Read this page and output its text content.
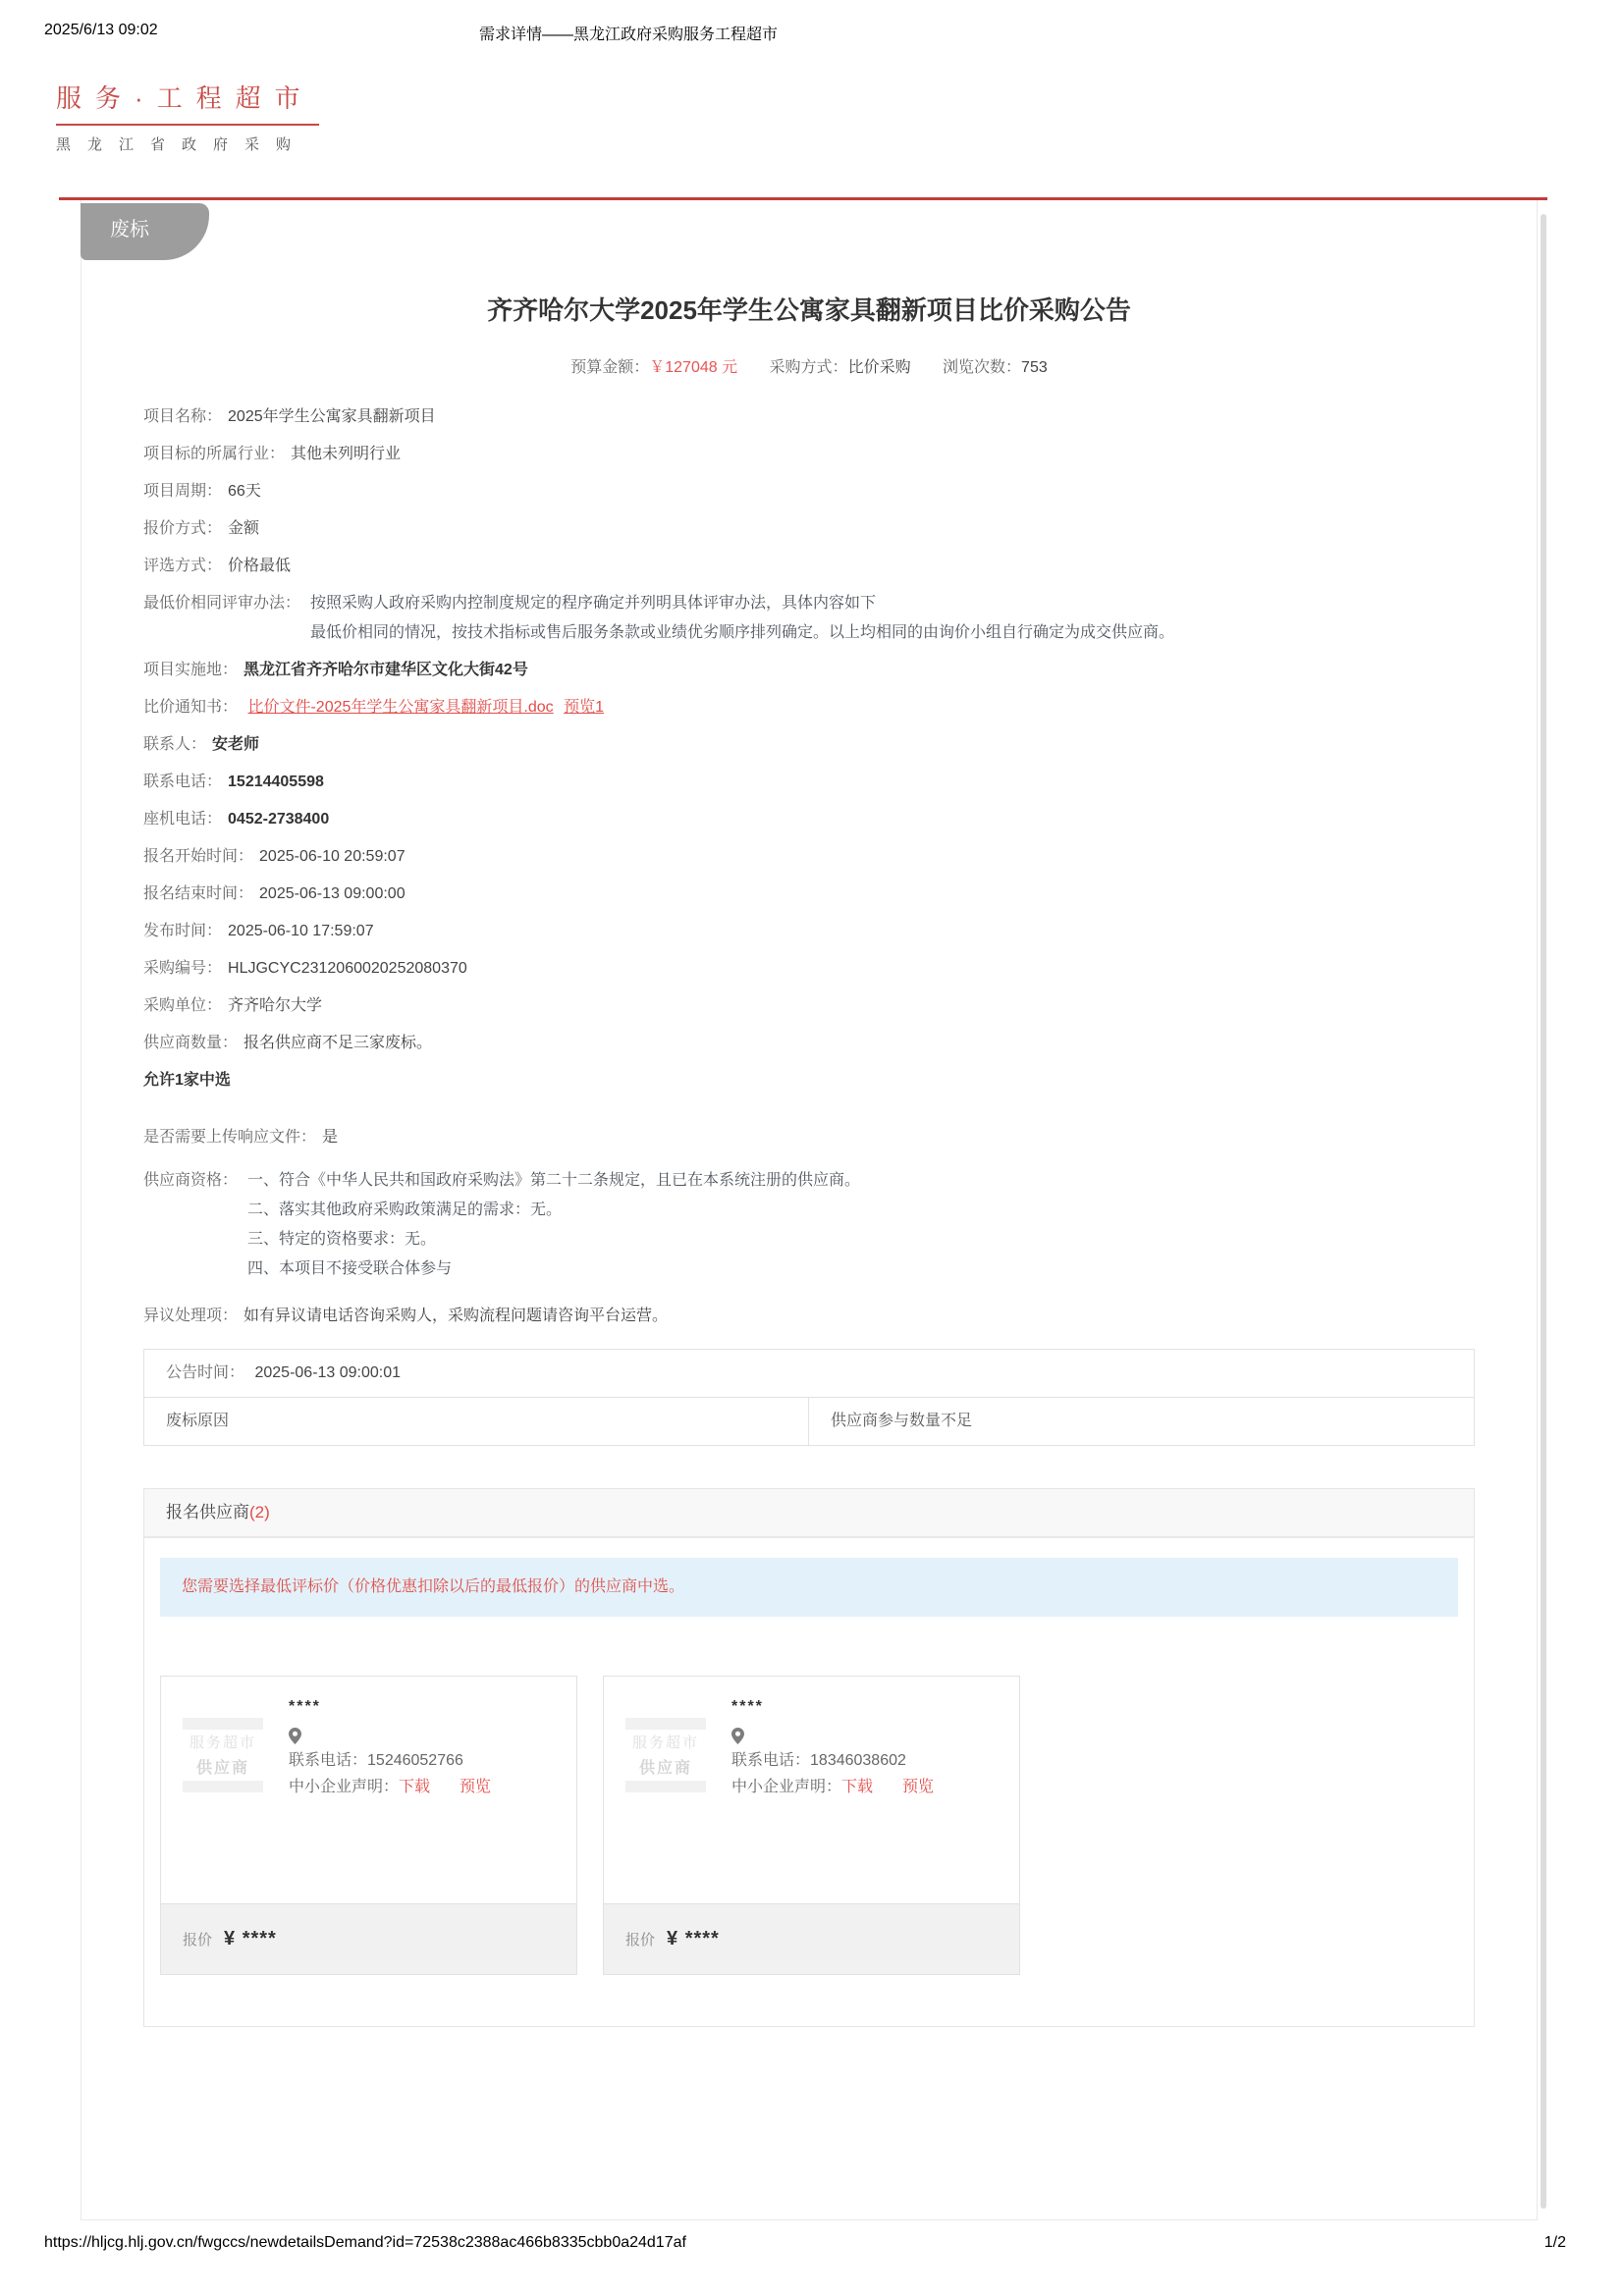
2025/6/13 09:02	需求详情——黑龙江政府采购服务工程超市
服务·工程超市
黑龙江省政府采购
废标
齐齐哈尔大学2025年学生公寓家具翻新项目比价采购公告
预算金额：￥127048 元 采购方式：比价采购 浏览次数：753
项目名称： 2025年学生公寓家具翻新项目
项目标的所属行业： 其他未列明行业
项目周期： 66天
报价方式： 金额
评选方式： 价格最低
最低价相同评审办法： 按照采购人政府采购内控制度规定的程序确定并列明具体评审办法，具体内容如下
最低价相同的情况，按技术指标或售后服务条款或业绩优劣顺序排列确定。以上均相同的由询价小组自行确定为成交供应商。
项目实施地： 黑龙江省齐齐哈尔市建华区文化大街42号
比价通知书： 比价文件-2025年学生公寓家具翻新项目.doc 预览1
联系人： 安老师
联系电话： 15214405598
座机电话： 0452-2738400
报名开始时间： 2025-06-10 20:59:07
报名结束时间： 2025-06-13 09:00:00
发布时间： 2025-06-10 17:59:07
采购编号： HLJGCYC2312060020252080370
采购单位： 齐齐哈尔大学
供应商数量： 报名供应商不足三家废标。
允许1家中选
是否需要上传响应文件： 是
供应商资格： 一、符合《中华人民共和国政府采购法》第二十二条规定，且已在本系统注册的供应商。
二、落实其他政府采购政策满足的需求：无。
三、特定的资格要求：无。
四、本项目不接受联合体参与
异议处理项： 如有异议请电话咨询采购人，采购流程问题请咨询平台运营。
公告时间： 2025-06-13 09:00:01
废标原因	供应商参与数量不足
报名供应商(2)
您需要选择最低评标价（价格优惠扣除以后的最低报价）的供应商中选。
服务超市
供应商
****
联系电话：15246052766
中小企业声明：下载 预览
报价 ¥ ****
服务超市
供应商
****
联系电话：18346038602
中小企业声明：下载 预览
报价 ¥ ****
https://hljcg.hlj.gov.cn/fwgccs/newdetailsDemand?id=72538c2388ac466b8335cbb0a24d17af	1/2
